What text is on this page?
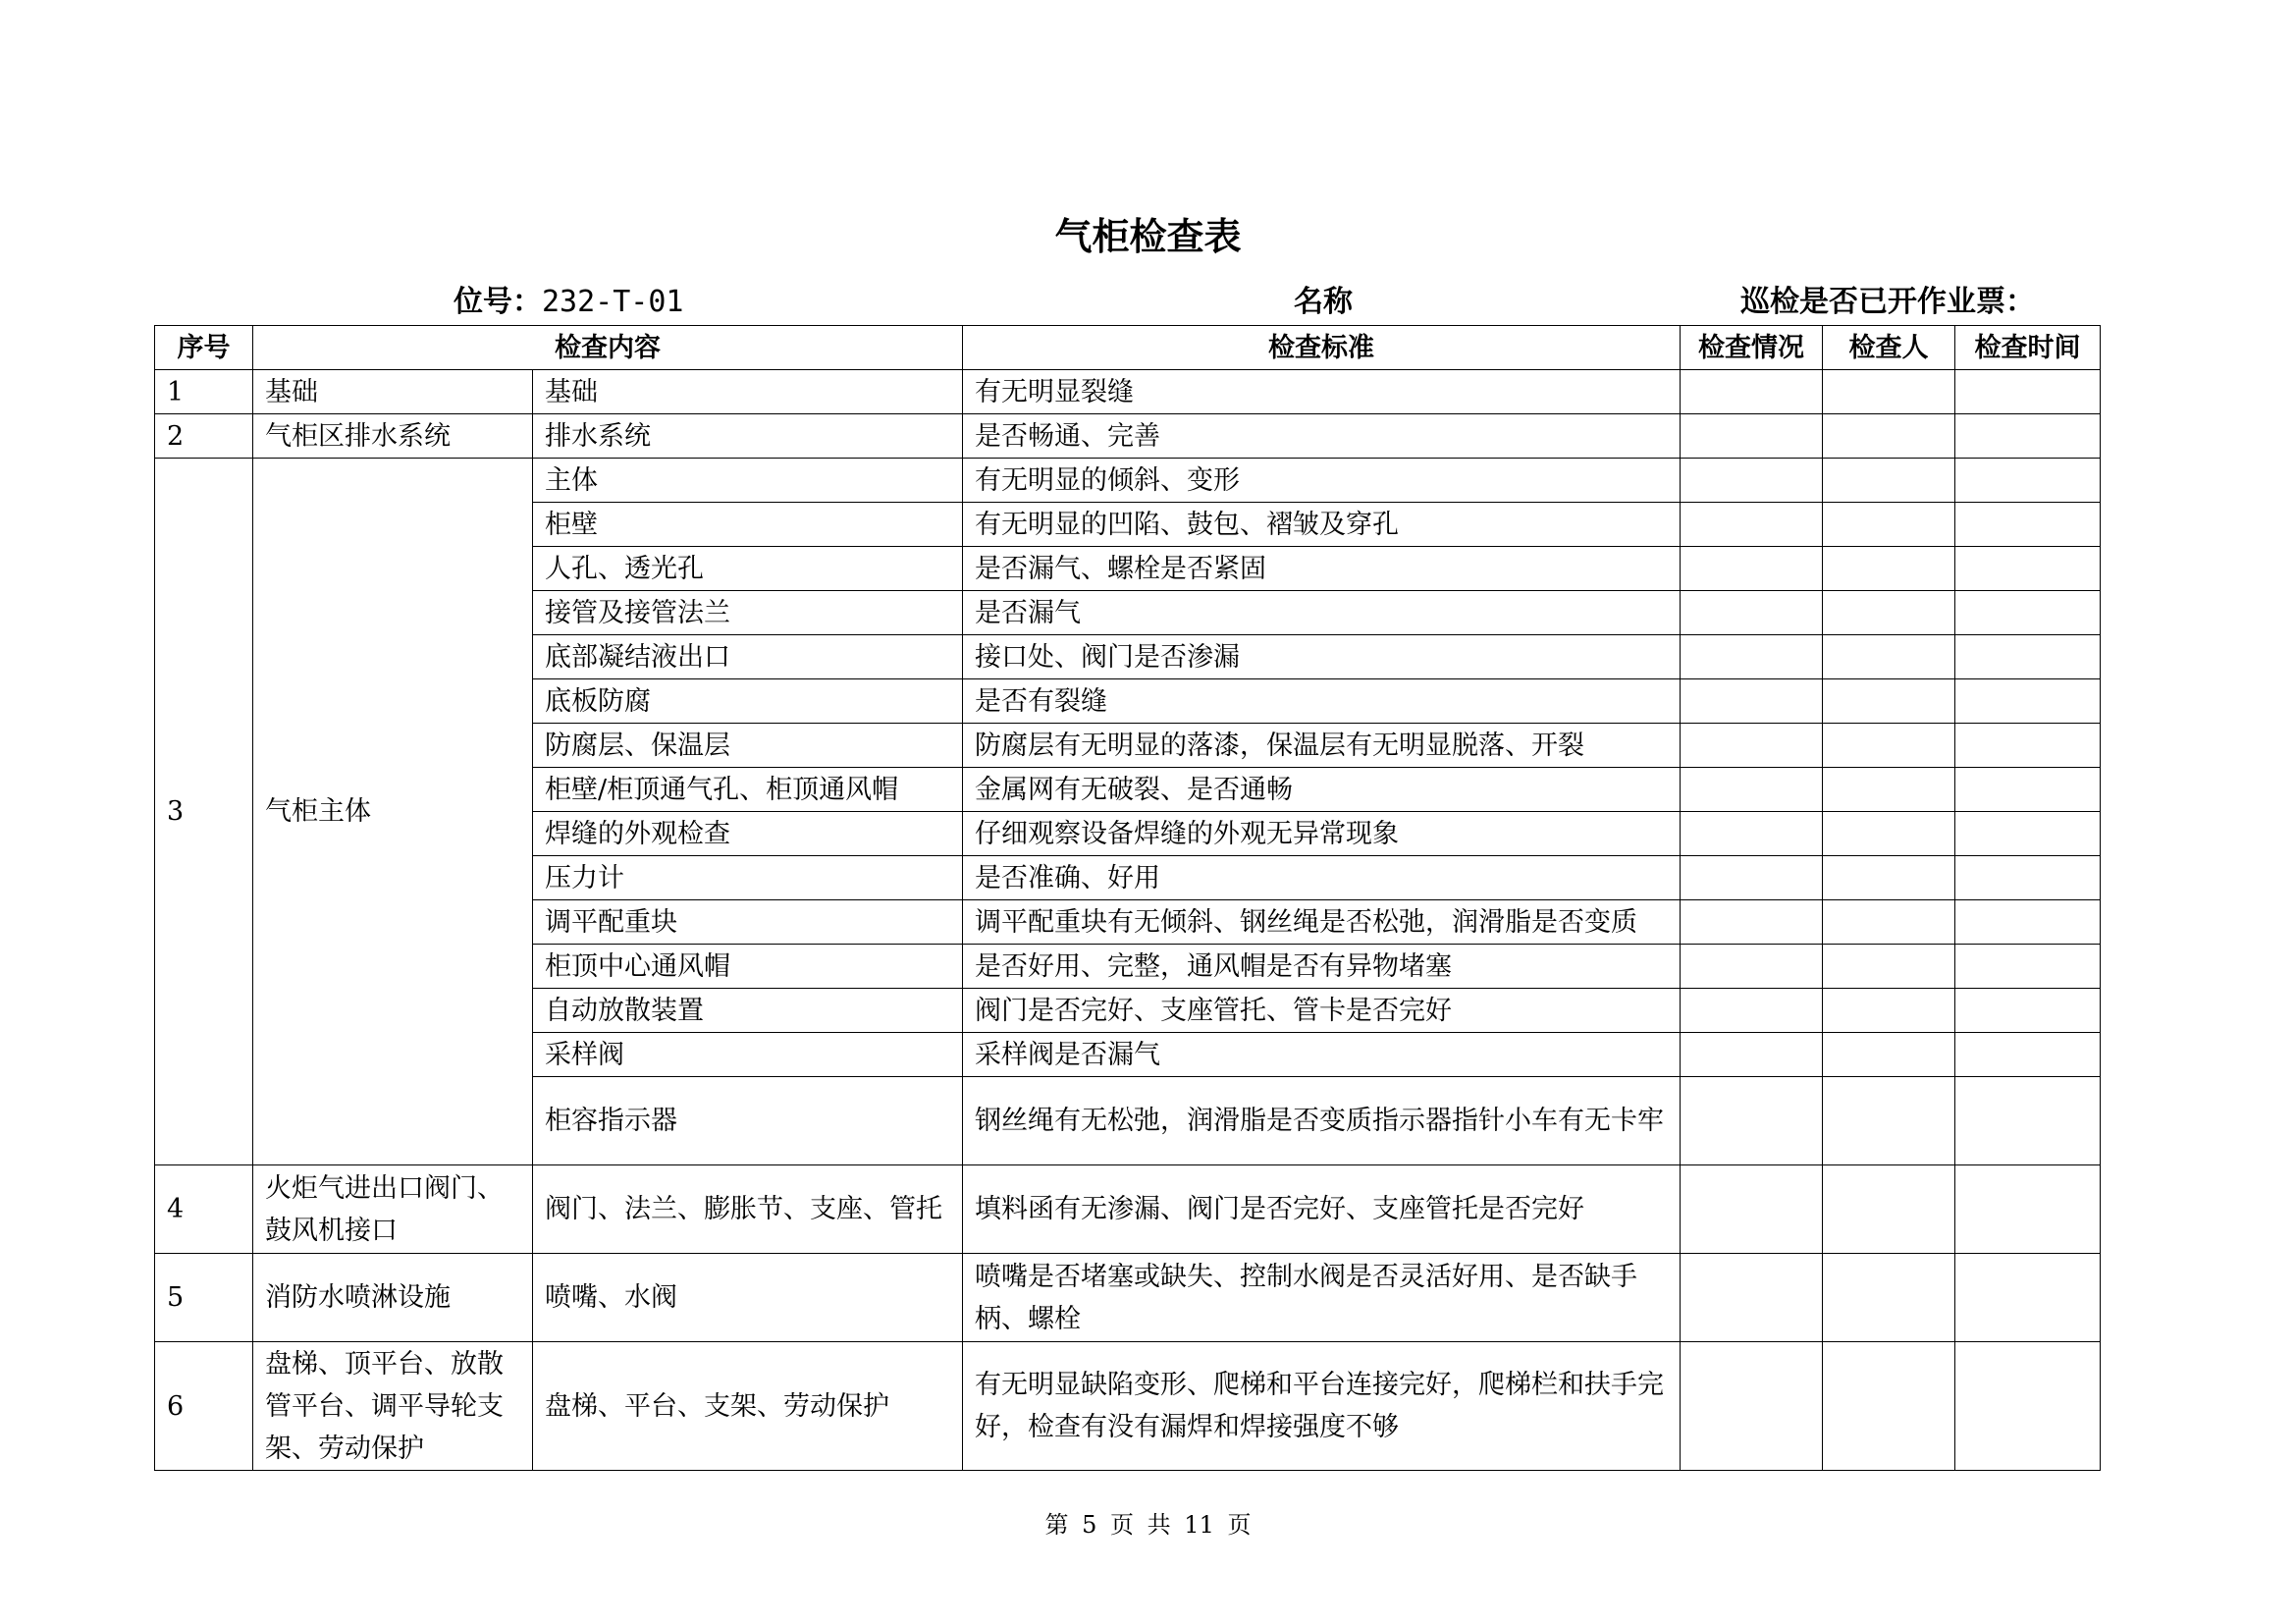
气柜检查表
位号：232-T-01	名称	巡检是否已开作业票：
序号	检查内容		检查标准	检查情况	检查人	检查时间
1	基础	基础	有无明显裂缝			
2	气柜区排水系统	排水系统	是否畅通、完善			
3	气柜主体	主体	有无明显的倾斜、变形			
		柜壁	有无明显的凹陷、鼓包、褶皱及穿孔			
		人孔、透光孔	是否漏气、螺栓是否紧固			
		接管及接管法兰	是否漏气			
		底部凝结液出口	接口处、阀门是否渗漏			
		底板防腐	是否有裂缝			
		防腐层、保温层	防腐层有无明显的落漆，保温层有无明显脱落、开裂			
		柜壁/柜顶通气孔、柜顶通风帽	金属网有无破裂、是否通畅			
		焊缝的外观检查	仔细观察设备焊缝的外观无异常现象			
		压力计	是否准确、好用			
		调平配重块	调平配重块有无倾斜、钢丝绳是否松弛，润滑脂是否变质			
		柜顶中心通风帽	是否好用、完整，通风帽是否有异物堵塞			
		自动放散装置	阀门是否完好、支座管托、管卡是否完好			
		采样阀	采样阀是否漏气			
		柜容指示器	钢丝绳有无松弛，润滑脂是否变质指示器指针小车有无卡牢			
4	火炬气进出口阀门、鼓风机接口	阀门、法兰、膨胀节、支座、管托	填料函有无渗漏、阀门是否完好、支座管托是否完好			
5	消防水喷淋设施	喷嘴、水阀	喷嘴是否堵塞或缺失、控制水阀是否灵活好用、是否缺手柄、螺栓			
6	盘梯、顶平台、放散管平台、调平导轮支架、劳动保护	盘梯、平台、支架、劳动保护	有无明显缺陷变形、爬梯和平台连接完好，爬梯栏和扶手完好，检查有没有漏焊和焊接强度不够			
第 5 页 共 11 页
